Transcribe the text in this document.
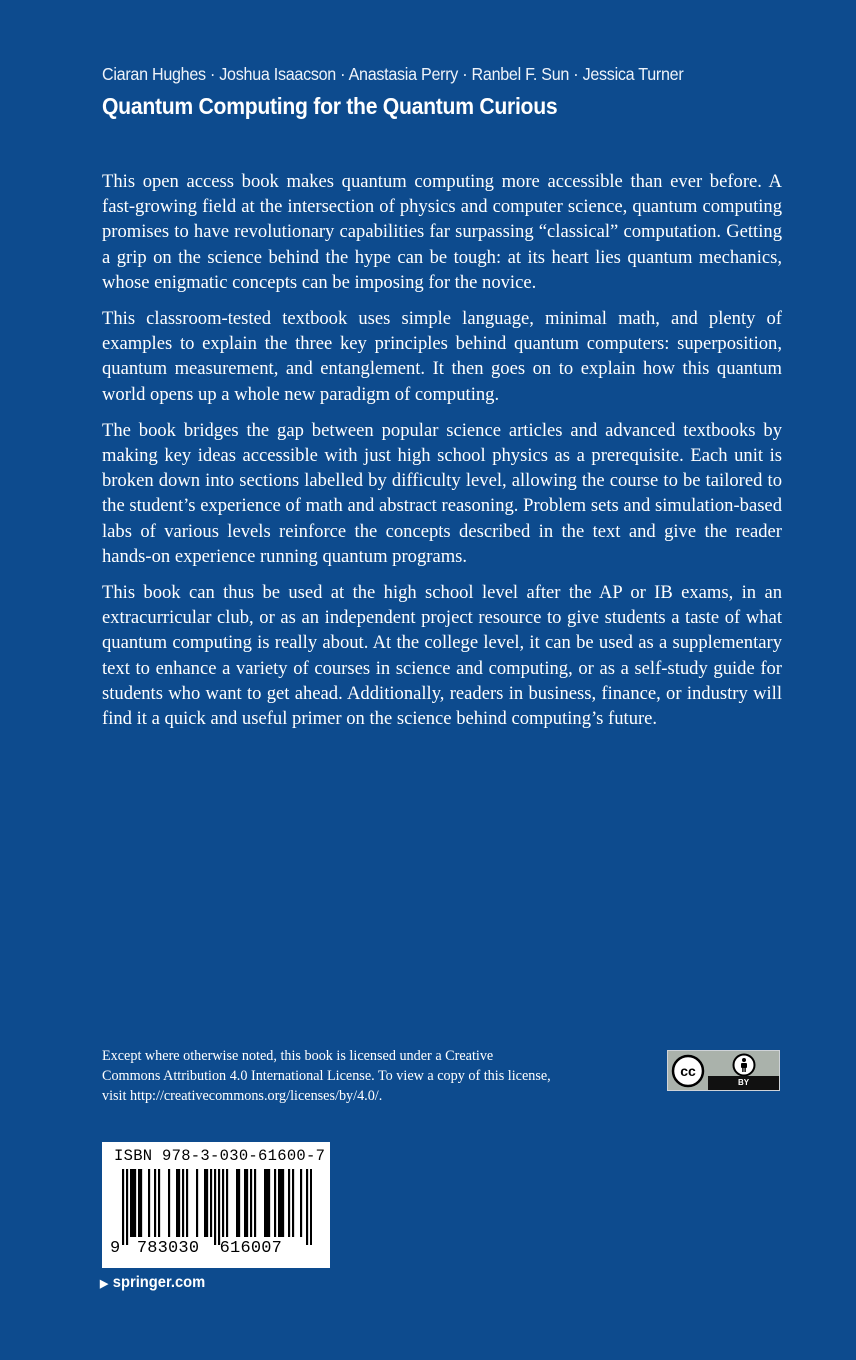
Ciaran Hughes · Joshua Isaacson · Anastasia Perry · Ranbel F. Sun · Jessica Turner
Quantum Computing for the Quantum Curious

This open access book makes quantum computing more accessible than ever before. A fast-growing field at the intersection of physics and computer science, quantum computing promises to have revolutionary capabilities far surpassing “classical” computation. Getting a grip on the science behind the hype can be tough: at its heart lies quantum mechanics, whose enigmatic concepts can be imposing for the novice.

This classroom-tested textbook uses simple language, minimal math, and plenty of examples to explain the three key principles behind quantum computers: superposition, quantum measurement, and entanglement. It then goes on to explain how this quantum world opens up a whole new paradigm of computing.

The book bridges the gap between popular science articles and advanced textbooks by making key ideas accessible with just high school physics as a prerequisite. Each unit is broken down into sections labelled by difficulty level, allowing the course to be tailored to the student’s experience of math and abstract reasoning. Problem sets and simulation-based labs of various levels reinforce the concepts described in the text and give the reader hands-on experience running quantum programs.

This book can thus be used at the high school level after the AP or IB exams, in an extracurricular club, or as an independent project resource to give students a taste of what quantum computing is really about. At the college level, it can be used as a supplementary text to enhance a variety of courses in science and computing, or as a self-study guide for students who want to get ahead. Additionally, readers in business, finance, or industry will find it a quick and useful primer on the science behind computing’s future.

Except where otherwise noted, this book is licensed under a Creative Commons Attribution 4.0 International License. To view a copy of this license, visit http://creativecommons.org/licenses/by/4.0/.
cc
BY
ISBN 978-3-030-61600-7
9 783030 616007
▶ springer.com
